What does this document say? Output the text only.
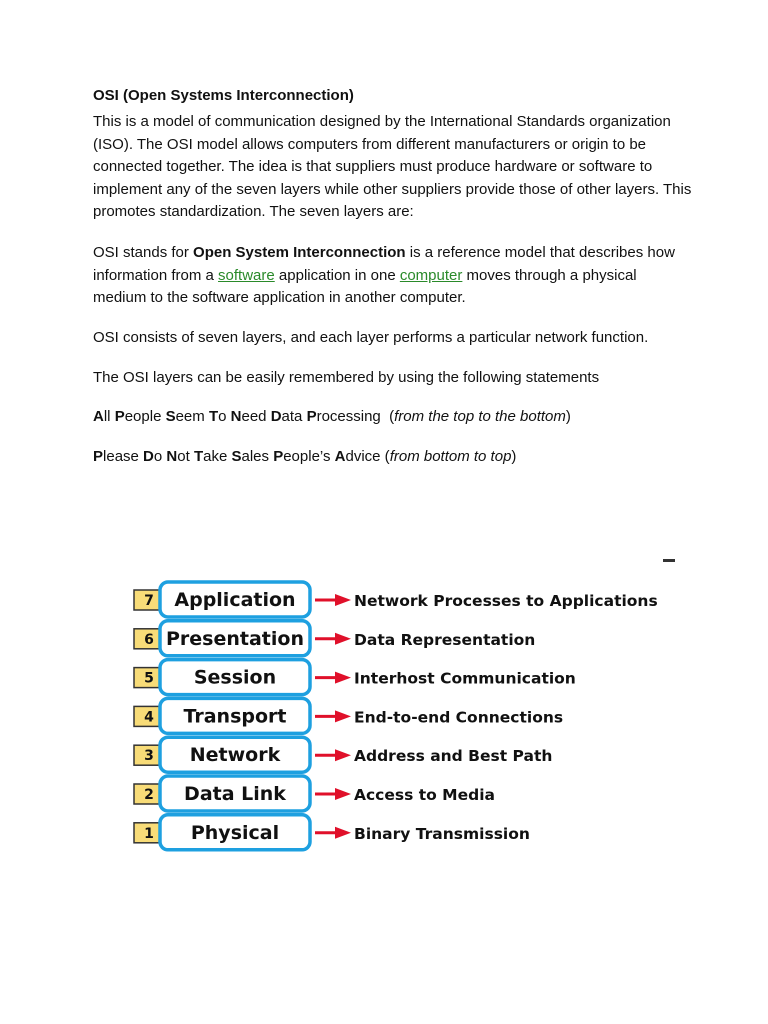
OSI (Open Systems Interconnection)
This is a model of communication designed by the International Standards organization (ISO). The OSI model allows computers from different manufacturers or origin to be connected together. The idea is that suppliers must produce hardware or software to implement any of the seven layers while other suppliers provide those of other layers. This promotes standardization. The seven layers are:
OSI stands for Open System Interconnection is a reference model that describes how information from a software application in one computer moves through a physical medium to the software application in another computer.
OSI consists of seven layers, and each layer performs a particular network function.
The OSI layers can be easily remembered by using the following statements
All People Seem To Need Data Processing  (from the top to the bottom)
Please Do Not Take Sales People’s Advice (from bottom to top)
7 Application	Network Processes to Applications
6 Presentation	Data Representation
5 Session	Interhost Communication
4 Transport	End-to-end Connections
3 Network	Address and Best Path
2 Data Link	Access to Media
1 Physical	Binary Transmission
